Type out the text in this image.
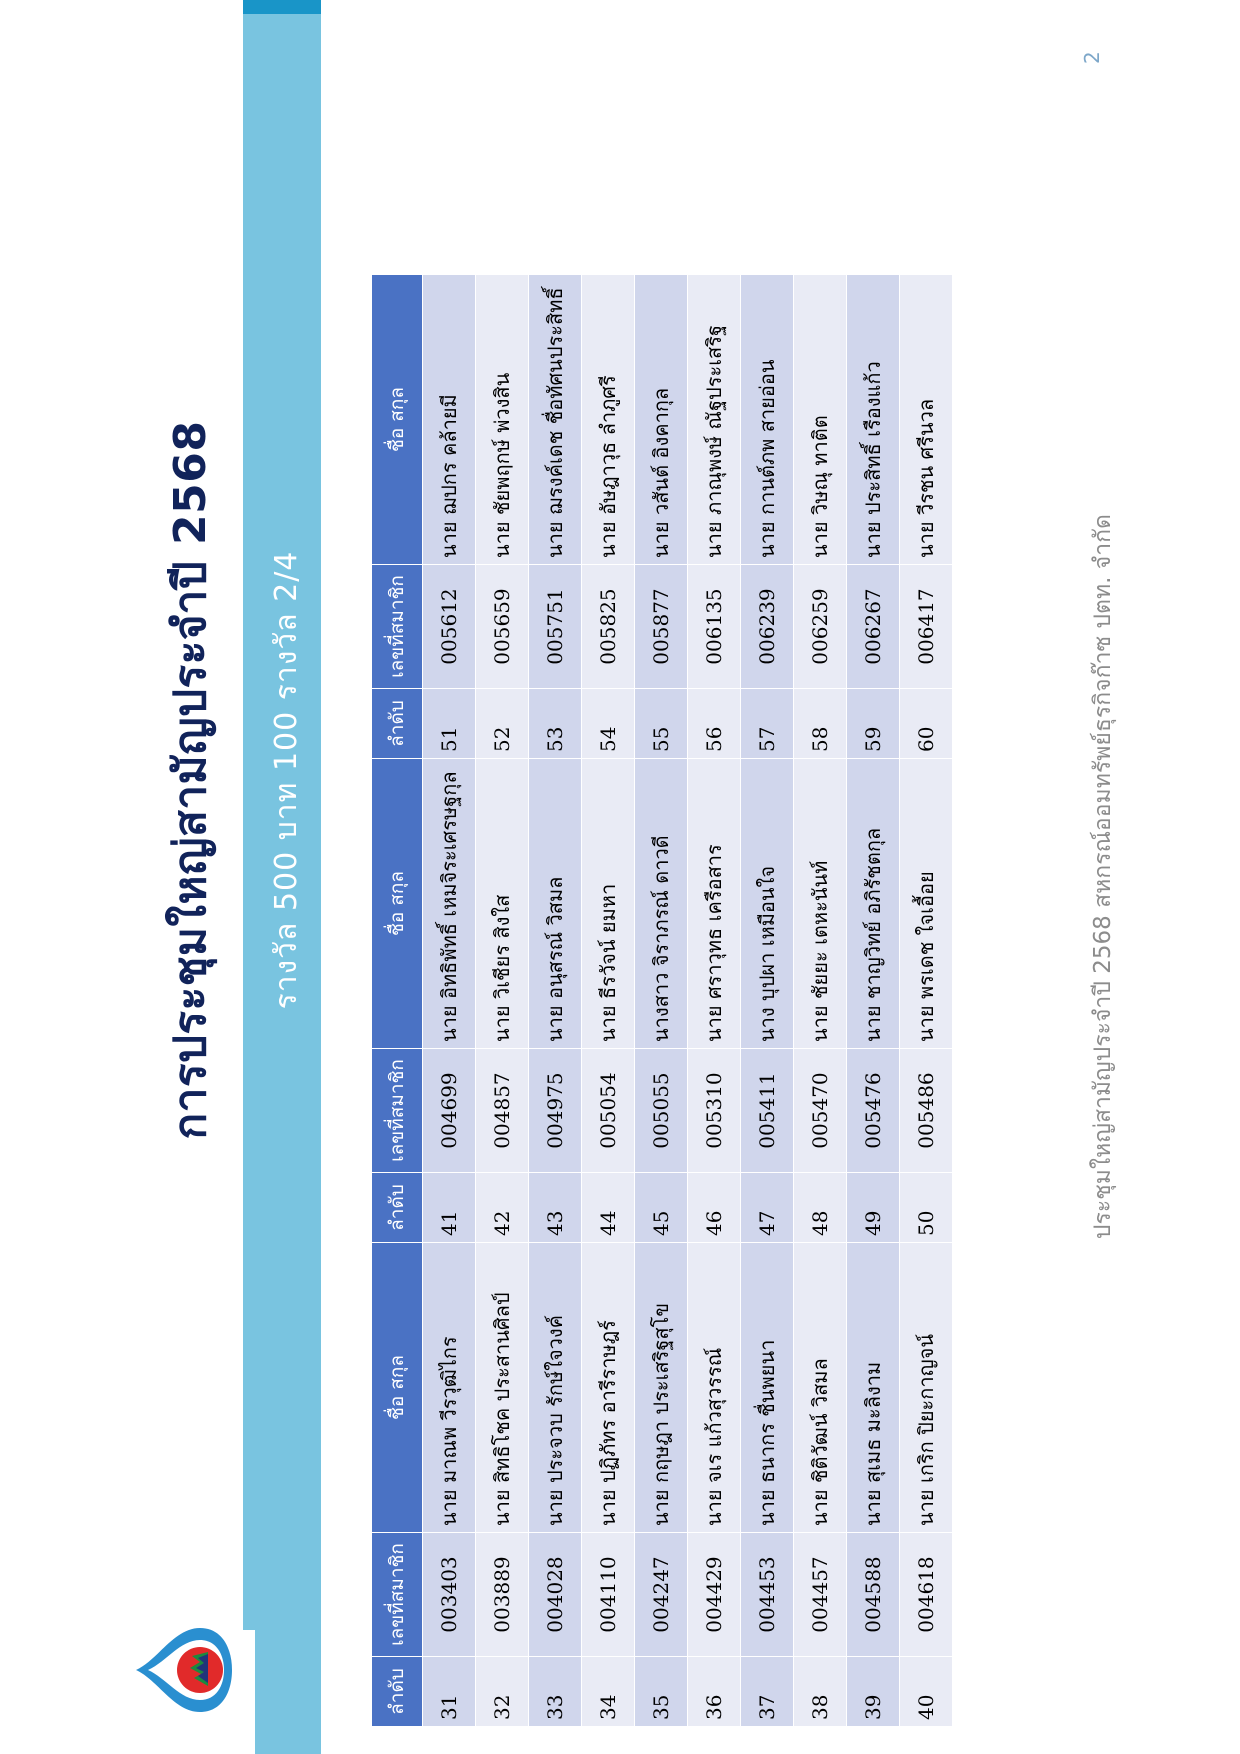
การประชุมใหญ่สามัญประจำปี 2568	รางวัล 500 บาท 100 รางวัล 2/4
ลำดับ	เลขที่สมาชิก	ชื่อ สกุล	ลำดับ	เลขที่สมาชิก	ชื่อ สกุล	ลำดับ	เลขที่สมาชิก	ชื่อ สกุล
31	003403	นาย มาณพ วีรวุฒิไกร	41	004699	นาย อิทธิพัทธิ์ เหมจิระเศรษฐกุล	51	005612	นาย ฌปกร คล้ายมี
32	003889	นาย สิทธิโชค ประสานศิลป์	42	004857	นาย วิเชียร สิงใส	52	005659	นาย ชัยพฤกษ์ พ่วงสิน
33	004028	นาย ประจวบ รักษ์ใจวงค์	43	004975	นาย อนุสรณ์ วิสมล	53	005751	นาย ฌรงค์เดช ชื่อทัศนประสิทธิ์
34	004110	นาย ปฏิภัทร อารีราษฎร์	44	005054	นาย ธีรวัจน์ ยมหา	54	005825	นาย อัษฎาวุธ ลำภูศรี
35	004247	นาย กฤษฎา ประเสริฐสุโข	45	005055	นางสาว จิราภรณ์ ดาวดี	55	005877	นาย วสันต์ อิงคากุล
36	004429	นาย จเร แก้วสุวรรณ์	46	005310	นาย ศราวุทธ เครือสาร	56	006135	นาย ภาณุพงษ์ ณัฐประเสริฐ
37	004453	นาย ธนากร ชื่นพยนา	47	005411	นาง บุปผา เหมือนใจ	57	006239	นาย กานต์ภพ สายอ่อน
38	004457	นาย ชิติวัฒน์ วิสมล	48	005470	นาย ชัยยะ เตหะนันท์	58	006259	นาย วิษณุ ทาติต
39	004588	นาย สุเมธ มะลิงาม	49	005476	นาย ชาญวิทย์ อภิรัชตกุล	59	006267	นาย ประสิทธิ์ เรืองแก้ว
40	004618	นาย เกริก ปิยะกาญจน์	50	005486	นาย พรเดช ใจเอื้อย	60	006417	นาย วีรชน ศรีนวล
ประชุมใหญ่สามัญประจำปี 2568 สหกรณ์ออมทรัพย์ธุรกิจก๊าซ ปตท. จำกัด
2
